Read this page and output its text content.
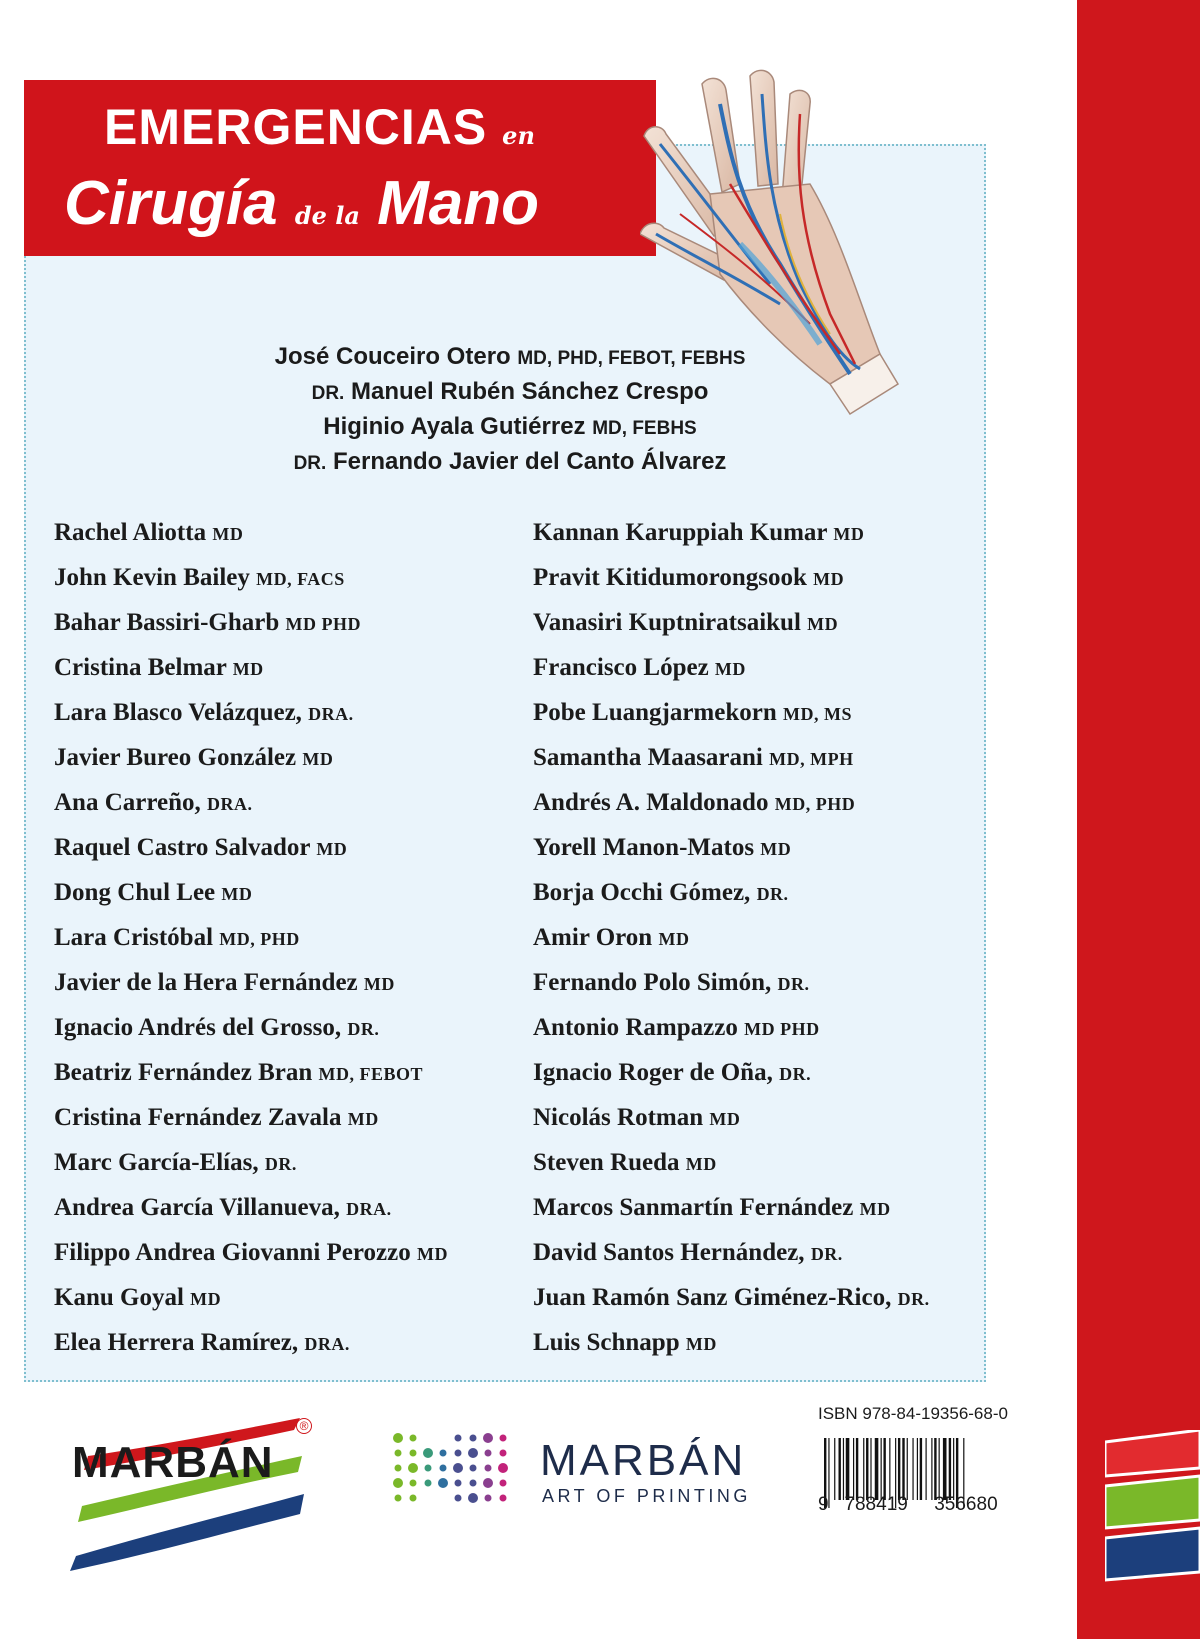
EMERGENCIAS en
Cirugía de la Mano
José Couceiro Otero MD, PHD, FEBOT, FEBHS
DR. Manuel Rubén Sánchez Crespo
Higinio Ayala Gutiérrez MD, FEBHS
DR. Fernando Javier del Canto Álvarez
Rachel Aliotta MD
John Kevin Bailey MD, FACS
Bahar Bassiri-Gharb MD PHD
Cristina Belmar MD
Lara Blasco Velázquez, DRA.
Javier Bureo González MD
Ana Carreño, DRA.
Raquel Castro Salvador MD
Dong Chul Lee MD
Lara Cristóbal MD, PHD
Javier de la Hera Fernández MD
Ignacio Andrés del Grosso, DR.
Beatriz Fernández Bran MD, FEBOT
Cristina Fernández Zavala MD
Marc García-Elías, DR.
Andrea García Villanueva, DRA.
Filippo Andrea Giovanni Perozzo MD
Kanu Goyal MD
Elea Herrera Ramírez, DRA.
Kannan Karuppiah Kumar MD
Pravit Kitidumorongsook MD
Vanasiri Kuptniratsaikul MD
Francisco López MD
Pobe Luangjarmekorn MD, MS
Samantha Maasarani MD, MPH
Andrés A. Maldonado MD, PHD
Yorell Manon-Matos MD
Borja Occhi Gómez, DR.
Amir Oron MD
Fernando Polo Simón, DR.
Antonio Rampazzo MD PHD
Ignacio Roger de Oña, DR.
Nicolás Rotman MD
Steven Rueda MD
Marcos Sanmartín Fernández MD
David Santos Hernández, DR.
Juan Ramón Sanz Giménez-Rico, DR.
Luis Schnapp MD
MARBÁN
®
MARBÁN
ART OF PRINTING
ISBN 978-84-19356-68-0
9 788419 356680
